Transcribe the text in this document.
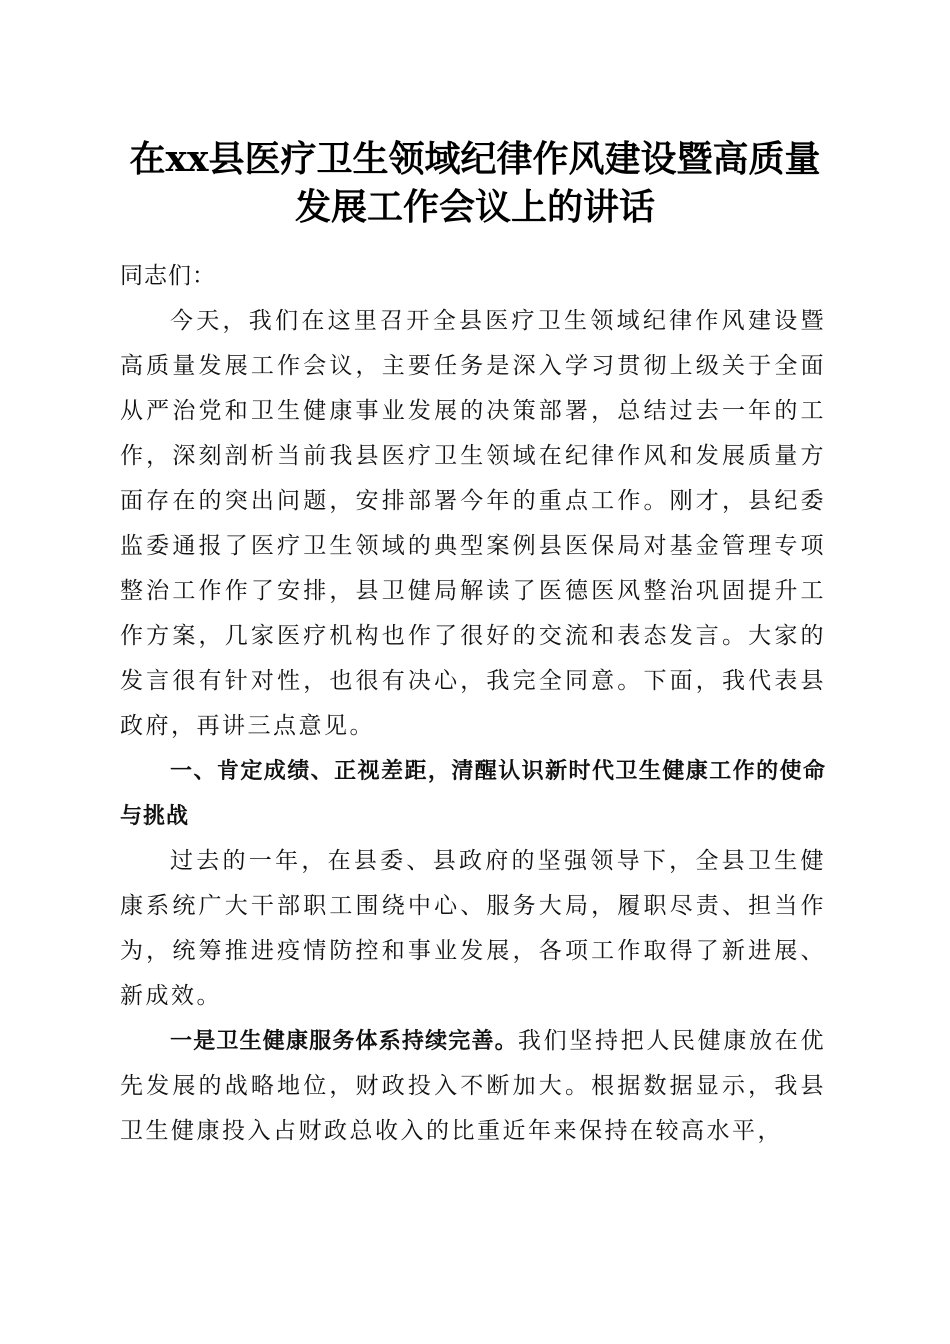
在xx县医疗卫生领域纪律作风建设暨高质量
发展工作会议上的讲话

同志们：

今天，我们在这里召开全县医疗卫生领域纪律作风建设暨高质量发展工作会议，主要任务是深入学习贯彻上级关于全面从严治党和卫生健康事业发展的决策部署，总结过去一年的工作，深刻剖析当前我县医疗卫生领域在纪律作风和发展质量方面存在的突出问题，安排部署今年的重点工作。刚才，县纪委监委通报了医疗卫生领域的典型案例县医保局对基金管理专项整治工作作了安排，县卫健局解读了医德医风整治巩固提升工作方案，几家医疗机构也作了很好的交流和表态发言。大家的发言很有针对性，也很有决心，我完全同意。下面，我代表县政府，再讲三点意见。

一、肯定成绩、正视差距，清醒认识新时代卫生健康工作的使命与挑战

过去的一年，在县委、县政府的坚强领导下，全县卫生健康系统广大干部职工围绕中心、服务大局，履职尽责、担当作为，统筹推进疫情防控和事业发展，各项工作取得了新进展、新成效。

一是卫生健康服务体系持续完善。我们坚持把人民健康放在优先发展的战略地位，财政投入不断加大。根据数据显示，我县卫生健康投入占财政总收入的比重近年来保持在较高水平，
